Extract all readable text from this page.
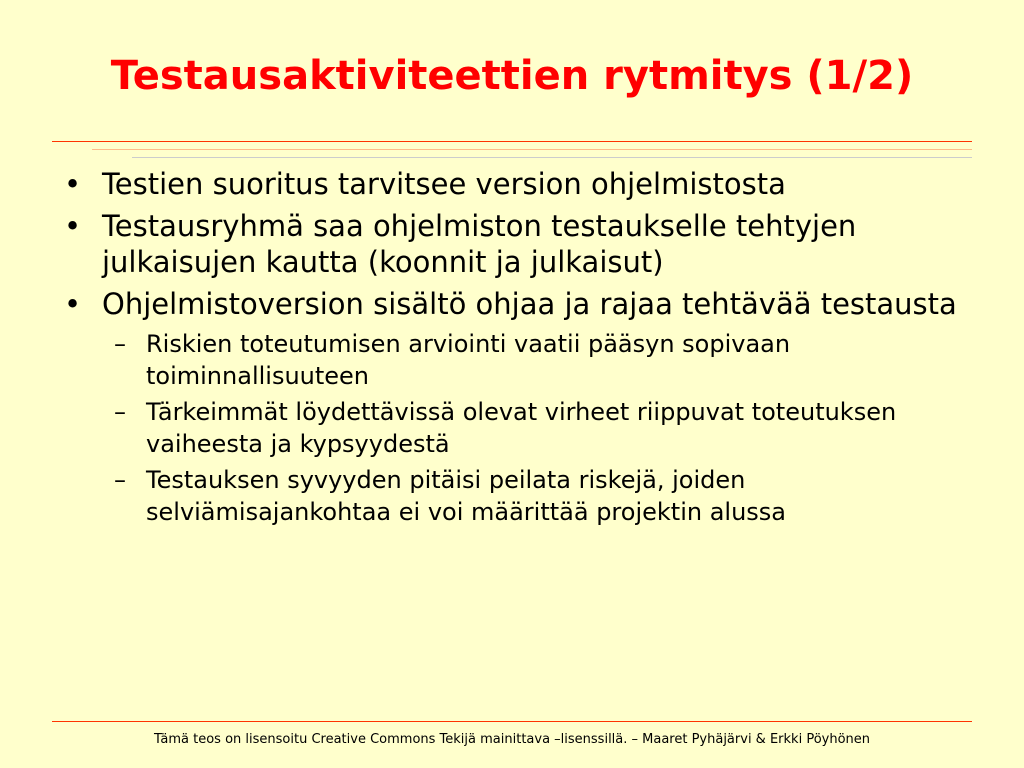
Testausaktiviteettien rytmitys (1/2)
• Testien suoritus tarvitsee version ohjelmistosta
• Testausryhmä saa ohjelmiston testaukselle tehtyjen julkaisujen kautta (koonnit ja julkaisut)
• Ohjelmistoversion sisältö ohjaa ja rajaa tehtävää testausta
– Riskien toteutumisen arviointi vaatii pääsyn sopivaan toiminnallisuuteen
– Tärkeimmät löydettävissä olevat virheet riippuvat toteutuksen vaiheesta ja kypsyydestä
– Testauksen syvyyden pitäisi peilata riskejä, joiden selviämisajankohtaa ei voi määrittää projektin alussa
Tämä teos on lisensoitu Creative Commons Tekijä mainittava –lisenssillä. – Maaret Pyhäjärvi & Erkki Pöyhönen
